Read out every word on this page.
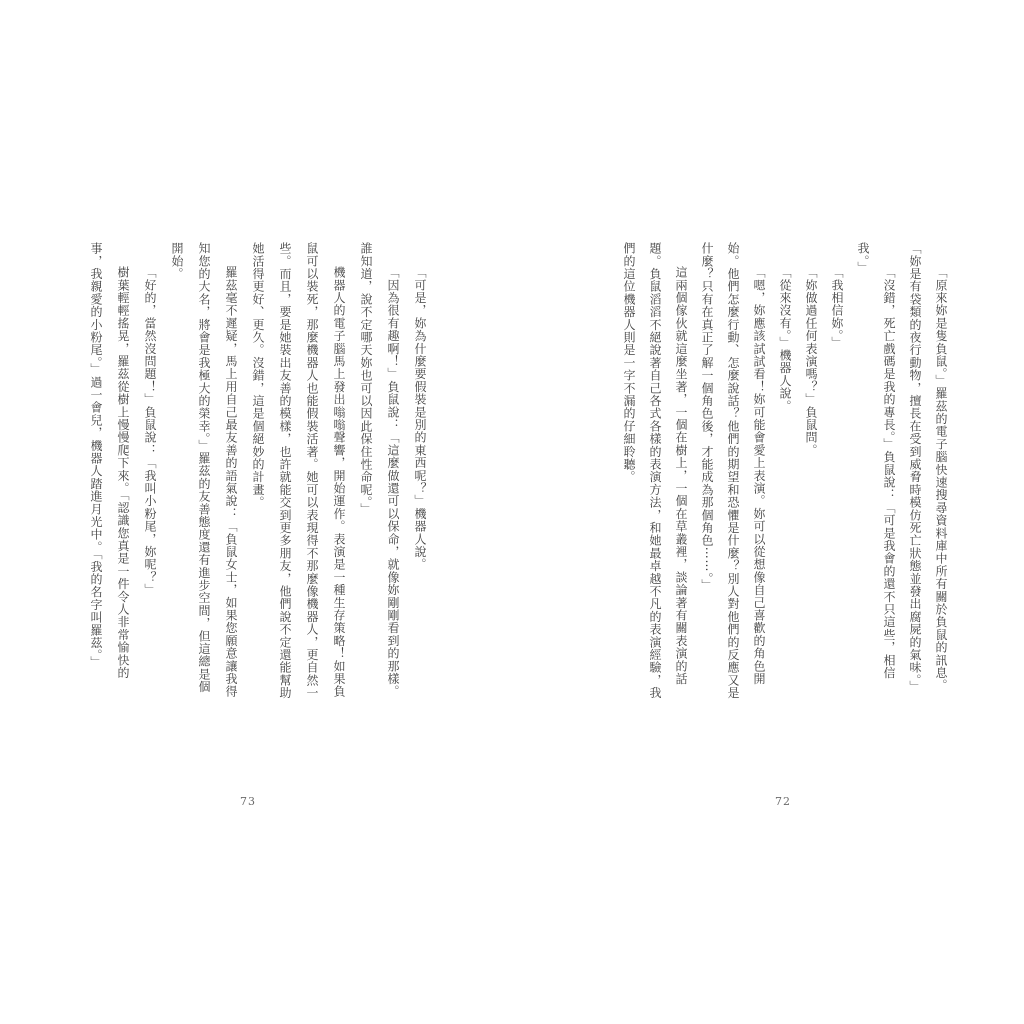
「原來妳是隻負鼠。」羅茲的電子腦快速搜尋資料庫中所有關於負鼠的訊息。「妳是有袋類的夜行動物，擅長在受到威脅時模仿死亡狀態並發出腐屍的氣味。」

「沒錯，死亡戲碼是我的專長。」負鼠說：「可是我會的還不只這些，相信我。」

「我相信妳。」

「妳做過任何表演嗎？」負鼠問。

「從來沒有。」機器人說。

「嗯，妳應該試試看！妳可能會愛上表演。妳可以從想像自己喜歡的角色開始。他們怎麼行動、怎麼說話？他們的期望和恐懼是什麼？別人對他們的反應又是什麼？只有在真正了解一個角色後，才能成為那個角色⋯⋯。」

這兩個傢伙就這麼坐著，一個在樹上，一個在草叢裡，談論著有關表演的話題。負鼠滔滔不絕說著自己各式各樣的表演方法，和她最卓越不凡的表演經驗，我們的這位機器人則是一字不漏的仔細聆聽。

72

「可是，妳為什麼要假裝是別的東西呢？」機器人說。

「因為很有趣啊！」負鼠說：「這麼做還可以保命，就像妳剛剛看到的那樣。誰知道，說不定哪天妳也可以因此保住性命呢。」

機器人的電子腦馬上發出嗡嗡聲響，開始運作。表演是一種生存策略！如果負鼠可以裝死，那麼機器人也能假裝活著。她可以表現得不那麼像機器人，更自然一些。而且，要是她裝出友善的模樣，也許就能交到更多朋友，他們說不定還能幫助她活得更好、更久。沒錯，這是個絕妙的計畫。

羅茲毫不遲疑，馬上用自己最友善的語氣說：「負鼠女士，如果您願意讓我得知您的大名，將會是我極大的榮幸。」羅茲的友善態度還有進步空間，但這總是個開始。

「好的，當然沒問題！」負鼠說：「我叫小粉尾，妳呢？」

樹葉輕輕搖晃，羅茲從樹上慢慢爬下來。「認識您真是一件令人非常愉快的事，我親愛的小粉尾。」過一會兒，機器人踏進月光中。「我的名字叫羅茲。」

73
